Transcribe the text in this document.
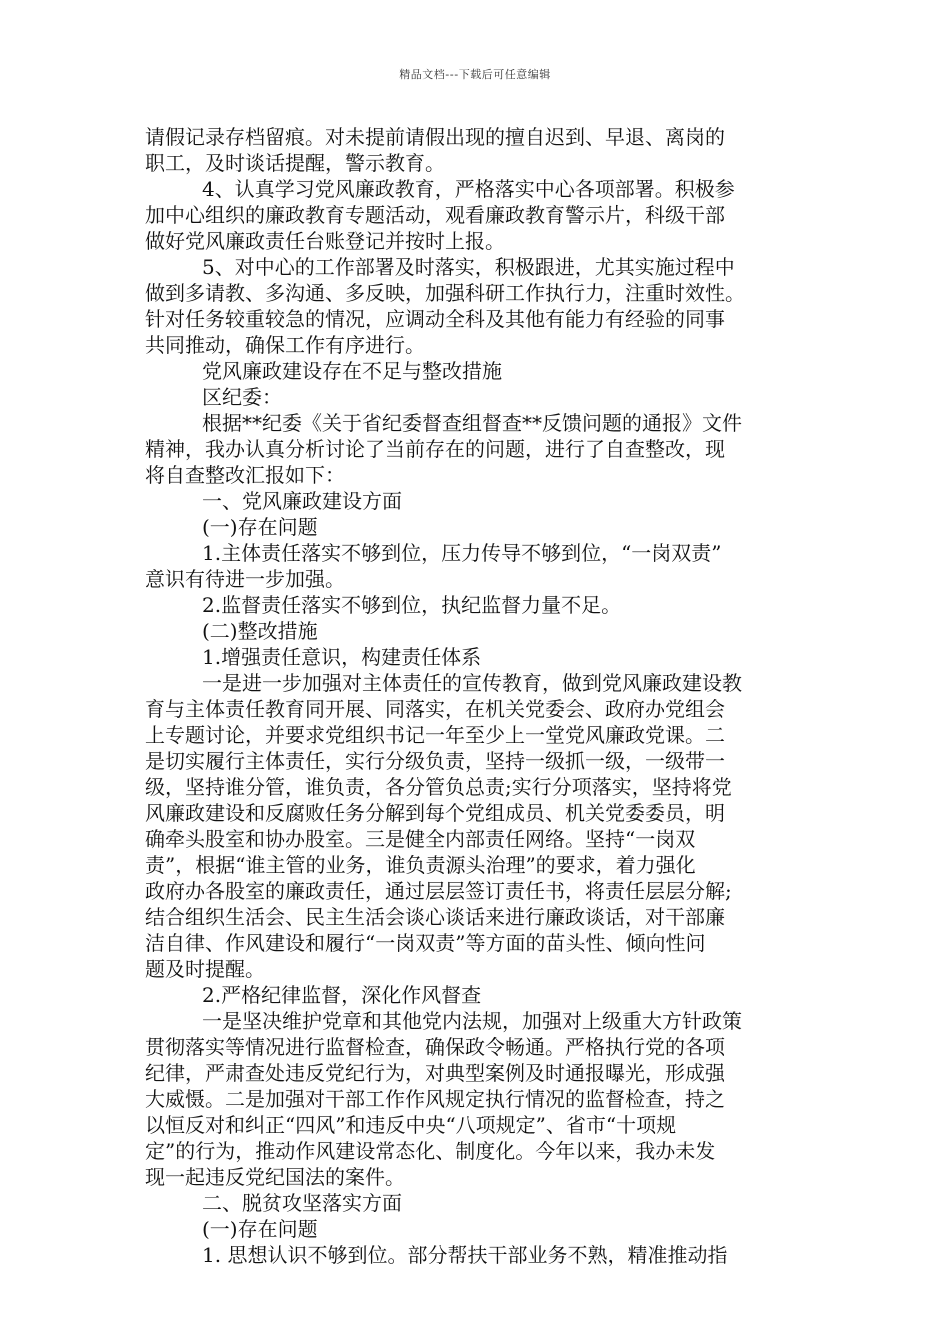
精品文档---下载后可任意编辑
请假记录存档留痕。对未提前请假出现的擅自迟到、早退、离岗的
职工，及时谈话提醒，警示教育。
4、认真学习党风廉政教育，严格落实中心各项部署。积极参
加中心组织的廉政教育专题活动，观看廉政教育警示片，科级干部
做好党风廉政责任台账登记并按时上报。
5、对中心的工作部署及时落实，积极跟进，尤其实施过程中
做到多请教、多沟通、多反映，加强科研工作执行力，注重时效性。
针对任务较重较急的情况，应调动全科及其他有能力有经验的同事
共同推动，确保工作有序进行。
党风廉政建设存在不足与整改措施
区纪委：
根据**纪委《关于省纪委督查组督查**反馈问题的通报》文件
精神，我办认真分析讨论了当前存在的问题，进行了自查整改，现
将自查整改汇报如下：
一、党风廉政建设方面
(一)存在问题
1.主体责任落实不够到位，压力传导不够到位，“一岗双责”
意识有待进一步加强。
2.监督责任落实不够到位，执纪监督力量不足。
(二)整改措施
1.增强责任意识，构建责任体系
一是进一步加强对主体责任的宣传教育，做到党风廉政建设教
育与主体责任教育同开展、同落实，在机关党委会、政府办党组会
上专题讨论，并要求党组织书记一年至少上一堂党风廉政党课。二
是切实履行主体责任，实行分级负责，坚持一级抓一级，一级带一
级，坚持谁分管，谁负责，各分管负总责;实行分项落实，坚持将党
风廉政建设和反腐败任务分解到每个党组成员、机关党委委员，明
确牵头股室和协办股室。三是健全内部责任网络。坚持“一岗双
责”，根据“谁主管的业务，谁负责源头治理”的要求，着力强化
政府办各股室的廉政责任，通过层层签订责任书，将责任层层分解;
结合组织生活会、民主生活会谈心谈话来进行廉政谈话，对干部廉
洁自律、作风建设和履行“一岗双责”等方面的苗头性、倾向性问
题及时提醒。
2.严格纪律监督，深化作风督查
一是坚决维护党章和其他党内法规，加强对上级重大方针政策
贯彻落实等情况进行监督检查，确保政令畅通。严格执行党的各项
纪律，严肃查处违反党纪行为，对典型案例及时通报曝光，形成强
大威慑。二是加强对干部工作作风规定执行情况的监督检查，持之
以恒反对和纠正“四风”和违反中央“八项规定”、省市“十项规
定”的行为，推动作风建设常态化、制度化。今年以来，我办未发
现一起违反党纪国法的案件。
二、脱贫攻坚落实方面
(一)存在问题
1. 思想认识不够到位。部分帮扶干部业务不熟，精准推动指
